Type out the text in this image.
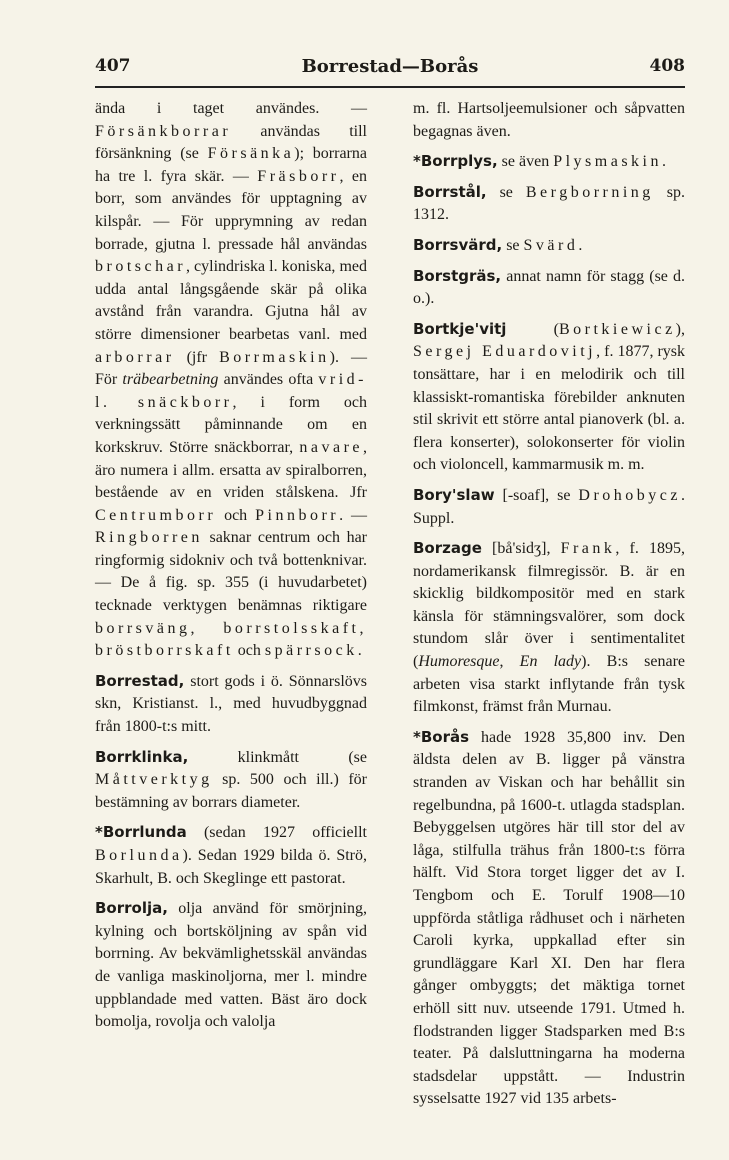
407	Borrestad—Borås	408

ända i taget användes. — Försänkborrar användas till försänkning (se Försänka); borrarna ha tre l. fyra skär. — Fräsborr, en borr, som användes för upptagning av kilspår. — För upprymning av redan borrade, gjutna l. pressade hål användas brotschar, cylindriska l. koniska, med udda antal långsgående skär på olika avstånd från varandra. Gjutna hål av större dimensioner bearbetas vanl. med arborrar (jfr Borrmaskin). — För träbearbetning användes ofta vrid- l. snäckborr, i form och verkningssätt påminnande om en korkskruv. Större snäckborrar, navare, äro numera i allm. ersatta av spiralborren, bestående av en vriden stålskena. Jfr Centrumborr och Pinnborr. — Ringborren saknar centrum och har ringformig sidokniv och två bottenknivar. — De å fig. sp. 355 (i huvudarbetet) tecknade verktygen benämnas riktigare borrsväng, borrstolsskaft, bröstborrskaft och spärrsock.

Borrestad, stort gods i ö. Sönnarslövs skn, Kristianst. l., med huvudbyggnad från 1800-t:s mitt.

Borrklinka, klinkmått (se Måttverktyg sp. 500 och ill.) för bestämning av borrars diameter.

*Borrlunda (sedan 1927 officiellt Borlunda). Sedan 1929 bilda ö. Strö, Skarhult, B. och Skeglinge ett pastorat.

Borrolja, olja använd för smörjning, kylning och bortsköljning av spån vid borrning. Av bekvämlighetsskäl användas de vanliga maskinoljorna, mer l. mindre uppblandade med vatten. Bäst äro dock bomolja, rovolja och valolja

m. fl. Hartsoljeemulsioner och såpvatten begagnas även.

*Borrplys, se även Plysmaskin.

Borrstål, se Bergborrning sp. 1312.

Borrsvärd, se Svärd.

Borstgräs, annat namn för stagg (se d. o.).

Bortkje'vitj (Bortkiewicz), Sergej Eduardovitj, f. 1877, rysk tonsättare, har i en melodirik och till klassiskt-romantiska förebilder anknuten stil skrivit ett större antal pianoverk (bl. a. flera konserter), solokonserter för violin och violoncell, kammarmusik m. m.

Bory'slaw [-soaf], se Drohobycz. Suppl.

Borzage [bå'sidʒ], Frank, f. 1895, nordamerikansk filmregissör. B. är en skicklig bildkompositör med en stark känsla för stämningsvalörer, som dock stundom slår över i sentimentalitet (Humoresque, En lady). B:s senare arbeten visa starkt inflytande från tysk filmkonst, främst från Murnau.

*Borås hade 1928 35,800 inv. Den äldsta delen av B. ligger på vänstra stranden av Viskan och har behållit sin regelbundna, på 1600-t. utlagda stadsplan. Bebyggelsen utgöres här till stor del av låga, stilfulla trähus från 1800-t:s förra hälft. Vid Stora torget ligger det av I. Tengbom och E. Torulf 1908—10 uppförda ståtliga rådhuset och i närheten Caroli kyrka, uppkallad efter sin grundläggare Karl XI. Den har flera gånger ombyggts; det mäktiga tornet erhöll sitt nuv. utseende 1791. Utmed h. flodstranden ligger Stadsparken med B:s teater. På dalsluttningarna ha moderna stadsdelar uppstått. — Industrin sysselsatte 1927 vid 135 arbets-
